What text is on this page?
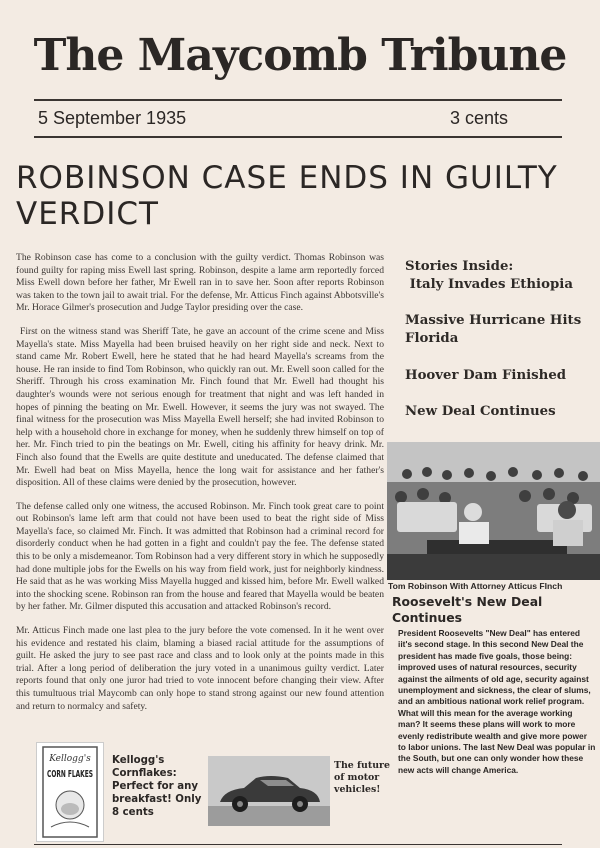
The Maycomb Tribune
5 September 1935	3 cents
ROBINSON CASE ENDS IN GUILTY VERDICT

The Robinson case has come to a conclusion with the guilty verdict. Thomas Robinson was found guilty for raping miss Ewell last spring. Robinson, despite a lame arm reportedly forced Miss Ewell down before her father, Mr Ewell ran in to save her. Soon after reports Robinson was taken to the town jail to await trial. For the defense, Mr. Atticus Finch against Abbotsville's Mr. Horace Gilmer's prosecution and Judge Taylor presiding over the case.

First on the witness stand was Sheriff Tate, he gave an account of the crime scene and Miss Mayella's state. Miss Mayella had been bruised heavily on her right side and neck. Next to stand came Mr. Robert Ewell, here he stated that he had heard Mayella's screams from the house. He ran inside to find Tom Robinson, who quickly ran out. Mr. Ewell soon called for the Sheriff. Through his cross examination Mr. Finch found that Mr. Ewell had thought his daughter's wounds were not serious enough for treatment that night and was left handed in hopes of pinning the beating on Mr. Ewell. However, it seems the jury was not swayed. The final witness for the prosecution was Miss Mayella Ewell herself; she had invited Robinson to help with a household chore in exchange for money, when he suddenly threw himself on top of her. Mr. Finch tried to pin the beatings on Mr. Ewell, citing his affinity for heavy drink. Mr. Finch also found that the Ewells are quite destitute and uneducated. The defense claimed that Mr. Ewell had beat on Miss Mayella, hence the long wait for assistance and her father's disposition. All of these claims were denied by the prosecution, however.

The defense called only one witness, the accused Robinson. Mr. Finch took great care to point out Robinson's lame left arm that could not have been used to beat the right side of Miss Mayella's face, so claimed Mr. Finch. It was admitted that Robinson had a criminal record for disorderly conduct when he had gotten in a fight and couldn't pay the fee. The defense stated this to be only a misdemeanor. Tom Robinson had a very different story in which he supposedly had done multiple jobs for the Ewells on his way from field work, just for neighborly kindness. He said that as he was working Miss Mayella hugged and kissed him, before Mr. Ewell walked into the shocking scene. Robinson ran from the house and feared that Mayella would be beaten by her father. Mr. Gilmer disputed this accusation and attacked Robinson's record.

Mr. Atticus Finch made one last plea to the jury before the vote comensed. In it he went over his evidence and restated his claim, blaming a biased racial attitude for the assumptions of guilt. He asked the jury to see past race and class and to look only at the points made in this trial. After a long period of deliberation the jury voted in a unanimous guilty verdict. Later reports found that only one juror had tried to vote innocent before changing their view. After this tumultuous trial Maycomb can only hope to stand strong against our new found attention and return to normalcy and safety.

Stories Inside:
Italy Invades Ethiopia
Massive Hurricane Hits Florida
Hoover Dam Finished
New Deal Continues
Tom Robinson With Attorney Atticus FInch
Roosevelt's New Deal Continues
President Roosevelts "New Deal" has entered iit's second stage. In this second New Deal the president has made five goals, those being: improved uses of natural resources, security against the ailments of old age, security against unemployment and sickness, the clear of slums, and an ambitious national work relief program. What will this mean for the average working man? It seems these plans will work to more evenly redistribute wealth and give more power to labor unions. The last New Deal was popular in the South, but one can only wonder how these new acts will change America.
Kellogg's
CORN FLAKES
Kellogg's Cornflakes: Perfect for any breakfast! Only 8 cents
The future of motor vehicles!
